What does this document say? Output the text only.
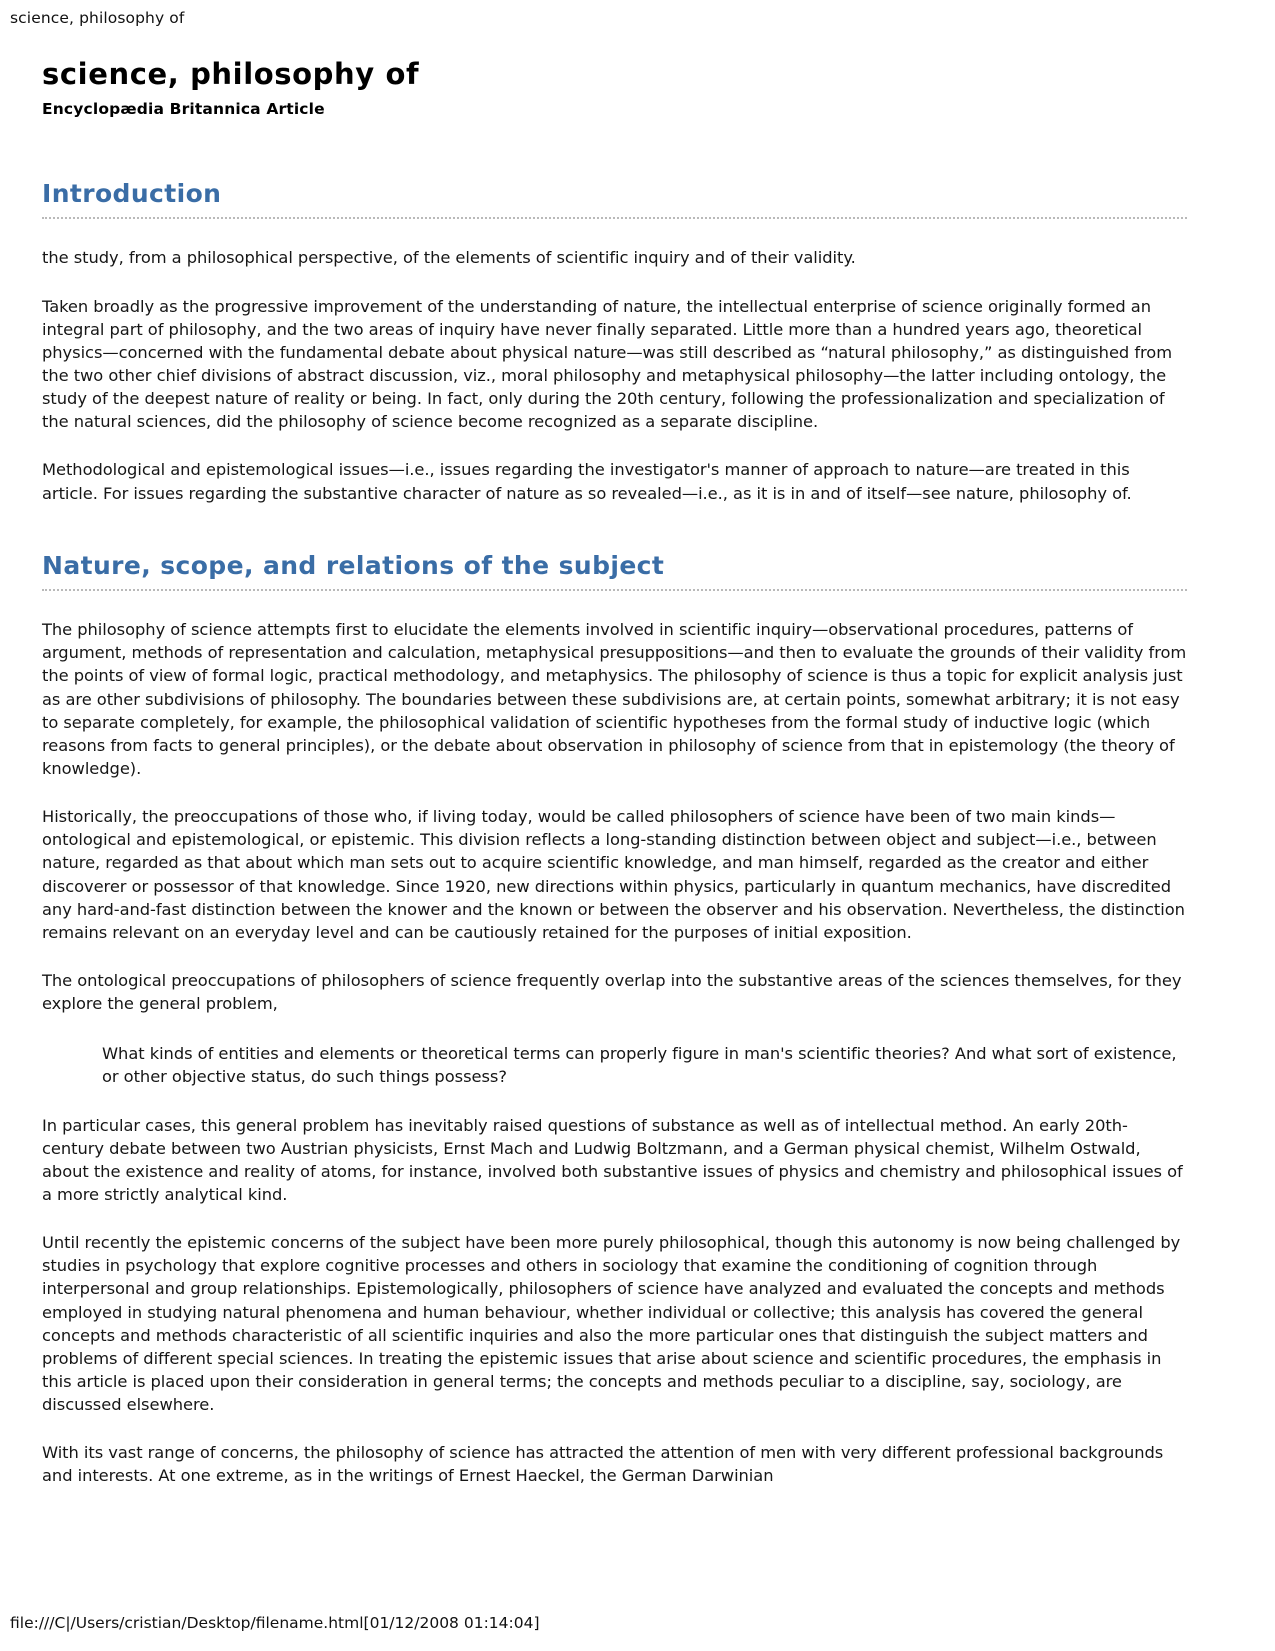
science, philosophy of
science, philosophy of
Encyclopædia Britannica Article
Introduction

the study, from a philosophical perspective, of the elements of scientific inquiry and of their validity.

Taken broadly as the progressive improvement of the understanding of nature, the intellectual enterprise of science originally formed an integral part of philosophy, and the two areas of inquiry have never finally separated. Little more than a hundred years ago, theoretical physics—concerned with the fundamental debate about physical nature—was still described as “natural philosophy,” as distinguished from the two other chief divisions of abstract discussion, viz., moral philosophy and metaphysical philosophy—the latter including ontology, the study of the deepest nature of reality or being. In fact, only during the 20th century, following the professionalization and specialization of the natural sciences, did the philosophy of science become recognized as a separate discipline.

Methodological and epistemological issues—i.e., issues regarding the investigator's manner of approach to nature—are treated in this article. For issues regarding the substantive character of nature as so revealed—i.e., as it is in and of itself—see nature, philosophy of.

Nature, scope, and relations of the subject

The philosophy of science attempts first to elucidate the elements involved in scientific inquiry—observational procedures, patterns of argument, methods of representation and calculation, metaphysical presuppositions—and then to evaluate the grounds of their validity from the points of view of formal logic, practical methodology, and metaphysics. The philosophy of science is thus a topic for explicit analysis just as are other subdivisions of philosophy. The boundaries between these subdivisions are, at certain points, somewhat arbitrary; it is not easy to separate completely, for example, the philosophical validation of scientific hypotheses from the formal study of inductive logic (which reasons from facts to general principles), or the debate about observation in philosophy of science from that in epistemology (the theory of knowledge).

Historically, the preoccupations of those who, if living today, would be called philosophers of science have been of two main kinds—ontological and epistemological, or epistemic. This division reflects a long-standing distinction between object and subject—i.e., between nature, regarded as that about which man sets out to acquire scientific knowledge, and man himself, regarded as the creator and either discoverer or possessor of that knowledge. Since 1920, new directions within physics, particularly in quantum mechanics, have discredited any hard-and-fast distinction between the knower and the known or between the observer and his observation. Nevertheless, the distinction remains relevant on an everyday level and can be cautiously retained for the purposes of initial exposition.

The ontological preoccupations of philosophers of science frequently overlap into the substantive areas of the sciences themselves, for they explore the general problem,

What kinds of entities and elements or theoretical terms can properly figure in man's scientific theories? And what sort of existence, or other objective status, do such things possess?

In particular cases, this general problem has inevitably raised questions of substance as well as of intellectual method. An early 20th-century debate between two Austrian physicists, Ernst Mach and Ludwig Boltzmann, and a German physical chemist, Wilhelm Ostwald, about the existence and reality of atoms, for instance, involved both substantive issues of physics and chemistry and philosophical issues of a more strictly analytical kind.

Until recently the epistemic concerns of the subject have been more purely philosophical, though this autonomy is now being challenged by studies in psychology that explore cognitive processes and others in sociology that examine the conditioning of cognition through interpersonal and group relationships. Epistemologically, philosophers of science have analyzed and evaluated the concepts and methods employed in studying natural phenomena and human behaviour, whether individual or collective; this analysis has covered the general concepts and methods characteristic of all scientific inquiries and also the more particular ones that distinguish the subject matters and problems of different special sciences. In treating the epistemic issues that arise about science and scientific procedures, the emphasis in this article is placed upon their consideration in general terms; the concepts and methods peculiar to a discipline, say, sociology, are discussed elsewhere.

With its vast range of concerns, the philosophy of science has attracted the attention of men with very different professional backgrounds and interests. At one extreme, as in the writings of Ernest Haeckel, the German Darwinian

file:///C|/Users/cristian/Desktop/filename.html[01/12/2008 01:14:04]
